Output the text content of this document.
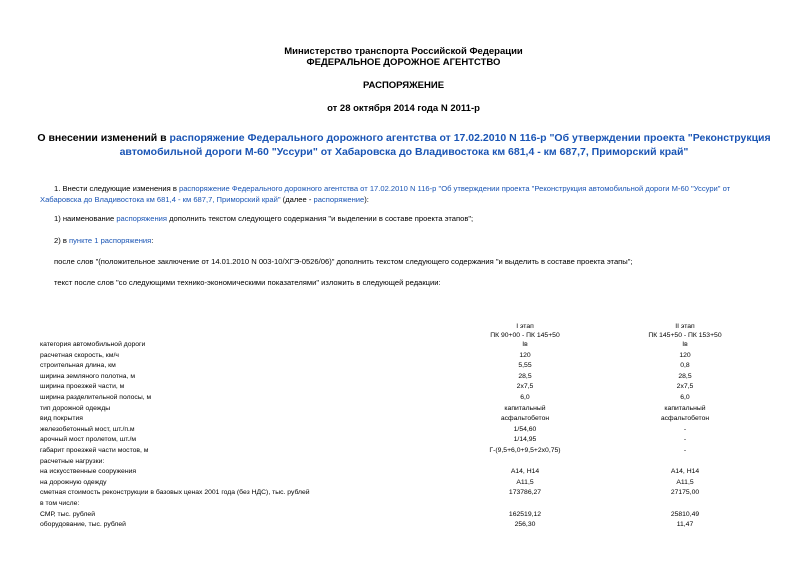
Министерство транспорта Российской Федерации
ФЕДЕРАЛЬНОЕ ДОРОЖНОЕ АГЕНТСТВО
РАСПОРЯЖЕНИЕ
от 28 октября 2014 года N 2011-р
О внесении изменений в распоряжение Федерального дорожного агентства от 17.02.2010 N 116-р "Об утверждении проекта "Реконструкция автомобильной дороги М-60 "Уссури" от Хабаровска до Владивостока км 681,4 - км 687,7, Приморский край"
1. Внести следующие изменения в распоряжение Федерального дорожного агентства от 17.02.2010 N 116-р "Об утверждении проекта "Реконструкция автомобильной дороги М-60 "Уссури" от Хабаровска до Владивостока км 681,4 - км 687,7, Приморский край" (далее - распоряжение):
1) наименование распоряжения дополнить текстом следующего содержания "и выделении в составе проекта этапов";
2) в пункте 1 распоряжения:
после слов "(положительное заключение от 14.01.2010 N 003-10/ХГЭ-0526/06)" дополнить текстом следующего содержания "и выделить в составе проекта этапы";
текст после слов "со следующими технико-экономическими показателями" изложить в следующей редакции:
I этап
ПК 90+00 - ПК 145+50
II этап
ПК 145+50 - ПК 153+50
категория автомобильной дороги	Iв	Iв
расчетная скорость, км/ч	120	120
строительная длина, км	5,55	0,8
ширина земляного полотна, м	28,5	28,5
ширина проезжей части, м	2х7,5	2х7,5
ширина разделительной полосы, м	6,0	6,0
тип дорожной одежды	капитальный	капитальный
вид покрытия	асфальтобетон	асфальтобетон
железобетонный мост, шт./п.м	1/54,60	-
арочный мост пролетом, шт./м	1/14,95	-
габарит проезжей части мостов, м	Г-(9,5+6,0+9,5+2х0,75)	-
расчетные нагрузки:
на искусственные сооружения	А14, Н14	А14, Н14
на дорожную одежду	А11,5	А11,5
сметная стоимость реконструкции в базовых ценах 2001 года (без НДС), тыс. рублей	173786,27	27175,00
в том числе:
СМР, тыс. рублей	162519,12	25810,49
оборудование, тыс. рублей	256,30	11,47
